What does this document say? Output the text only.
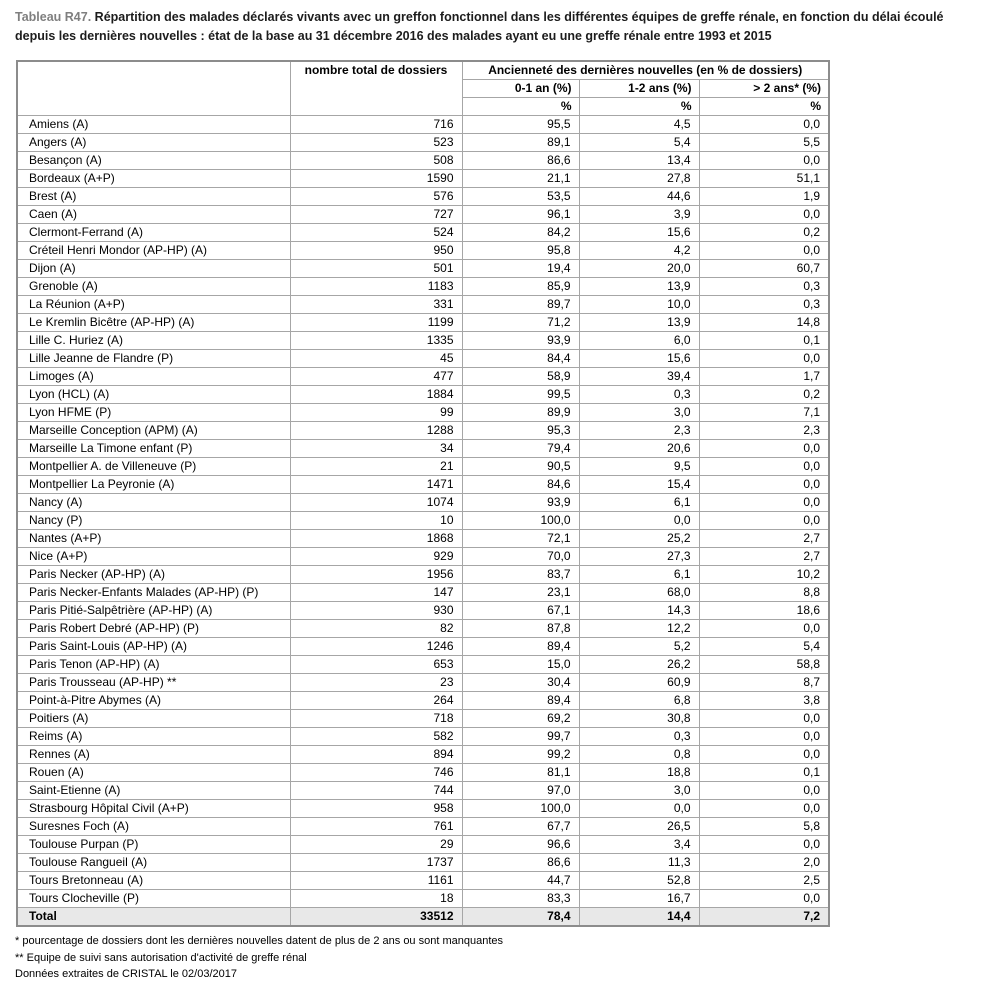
Tableau R47. Répartition des malades déclarés vivants avec un greffon fonctionnel dans les différentes équipes de greffe rénale, en fonction du délai écoulé depuis les dernières nouvelles : état de la base au 31 décembre 2016 des malades ayant eu une greffe rénale entre 1993 et 2015
	nombre total de dossiers	Ancienneté des dernières nouvelles (en % de dossiers)		
		0-1 an (%)	1-2 ans (%)	> 2 ans* (%)
		%	%	%
Amiens (A)	716	95,5	4,5	0,0
Angers (A)	523	89,1	5,4	5,5
Besançon (A)	508	86,6	13,4	0,0
Bordeaux (A+P)	1590	21,1	27,8	51,1
Brest (A)	576	53,5	44,6	1,9
Caen (A)	727	96,1	3,9	0,0
Clermont-Ferrand (A)	524	84,2	15,6	0,2
Créteil Henri Mondor (AP-HP) (A)	950	95,8	4,2	0,0
Dijon (A)	501	19,4	20,0	60,7
Grenoble (A)	1183	85,9	13,9	0,3
La Réunion (A+P)	331	89,7	10,0	0,3
Le Kremlin Bicêtre (AP-HP) (A)	1199	71,2	13,9	14,8
Lille C. Huriez (A)	1335	93,9	6,0	0,1
Lille Jeanne de Flandre (P)	45	84,4	15,6	0,0
Limoges (A)	477	58,9	39,4	1,7
Lyon (HCL) (A)	1884	99,5	0,3	0,2
Lyon HFME (P)	99	89,9	3,0	7,1
Marseille Conception (APM) (A)	1288	95,3	2,3	2,3
Marseille La Timone enfant (P)	34	79,4	20,6	0,0
Montpellier A. de Villeneuve (P)	21	90,5	9,5	0,0
Montpellier La Peyronie (A)	1471	84,6	15,4	0,0
Nancy (A)	1074	93,9	6,1	0,0
Nancy (P)	10	100,0	0,0	0,0
Nantes (A+P)	1868	72,1	25,2	2,7
Nice (A+P)	929	70,0	27,3	2,7
Paris Necker (AP-HP) (A)	1956	83,7	6,1	10,2
Paris Necker-Enfants Malades (AP-HP) (P)	147	23,1	68,0	8,8
Paris Pitié-Salpêtrière (AP-HP) (A)	930	67,1	14,3	18,6
Paris Robert Debré (AP-HP) (P)	82	87,8	12,2	0,0
Paris Saint-Louis (AP-HP) (A)	1246	89,4	5,2	5,4
Paris Tenon (AP-HP) (A)	653	15,0	26,2	58,8
Paris Trousseau (AP-HP) **	23	30,4	60,9	8,7
Point-à-Pitre Abymes (A)	264	89,4	6,8	3,8
Poitiers (A)	718	69,2	30,8	0,0
Reims (A)	582	99,7	0,3	0,0
Rennes (A)	894	99,2	0,8	0,0
Rouen (A)	746	81,1	18,8	0,1
Saint-Etienne (A)	744	97,0	3,0	0,0
Strasbourg Hôpital Civil (A+P)	958	100,0	0,0	0,0
Suresnes Foch (A)	761	67,7	26,5	5,8
Toulouse Purpan (P)	29	96,6	3,4	0,0
Toulouse Rangueil (A)	1737	86,6	11,3	2,0
Tours Bretonneau (A)	1161	44,7	52,8	2,5
Tours Clocheville (P)	18	83,3	16,7	0,0
Total	33512	78,4	14,4	7,2
* pourcentage de dossiers dont les dernières nouvelles datent de plus de 2 ans ou sont manquantes
** Equipe de suivi sans autorisation d'activité de greffe rénal
Données extraites de CRISTAL le 02/03/2017
